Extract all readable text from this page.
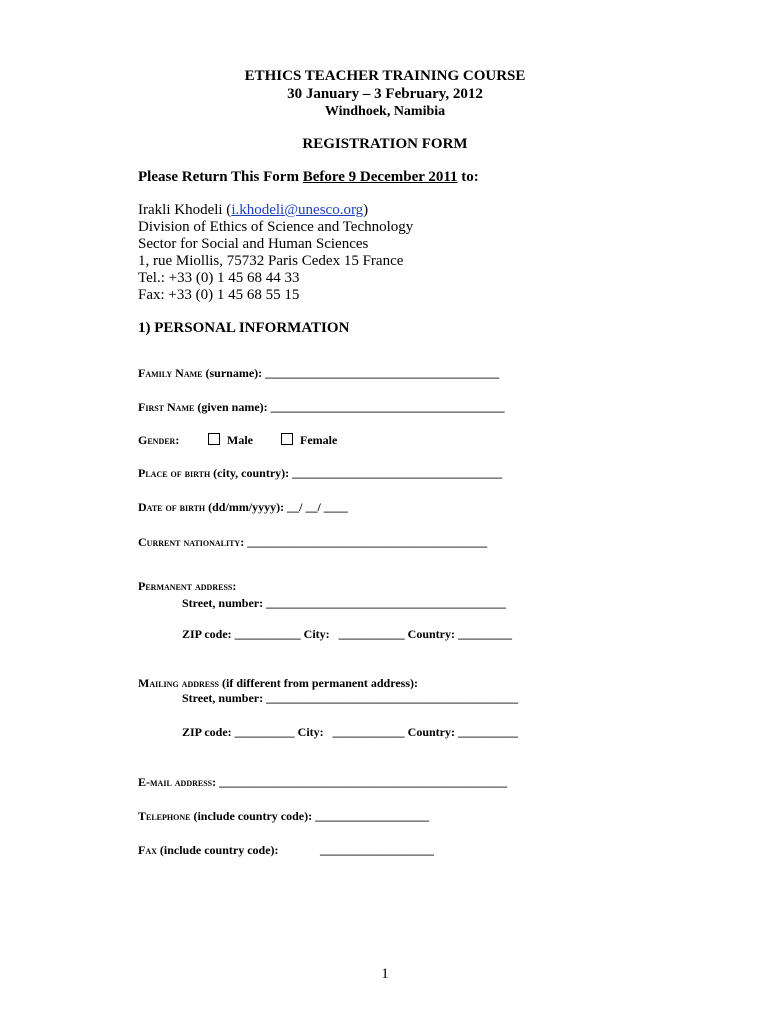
ETHICS TEACHER TRAINING COURSE
30 January – 3 February, 2012
Windhoek, Namibia
REGISTRATION FORM
Please Return This Form Before 9 December 2011 to:
Irakli Khodeli (i.khodeli@unesco.org)
Division of Ethics of Science and Technology
Sector for Social and Human Sciences
1, rue Miollis, 75732 Paris Cedex 15 France
Tel.: +33 (0) 1 45 68 44 33
Fax: +33 (0) 1 45 68 55 15
1) PERSONAL INFORMATION
Family Name (surname): _______________________________________
First Name (given name): _______________________________________
Gender:	Male	Female
Place of birth (city, country): ___________________________________
Date of birth (dd/mm/yyyy): __/ __/ ____
Current nationality: ________________________________________
Permanent address:
Street, number: ________________________________________
ZIP code: ___________ City:   ___________ Country: _________
Mailing address (if different from permanent address):
Street, number: __________________________________________
ZIP code: __________ City:   ____________ Country: __________
E-mail address: ________________________________________________
Telephone (include country code): ___________________
Fax (include country code):	___________________
1
